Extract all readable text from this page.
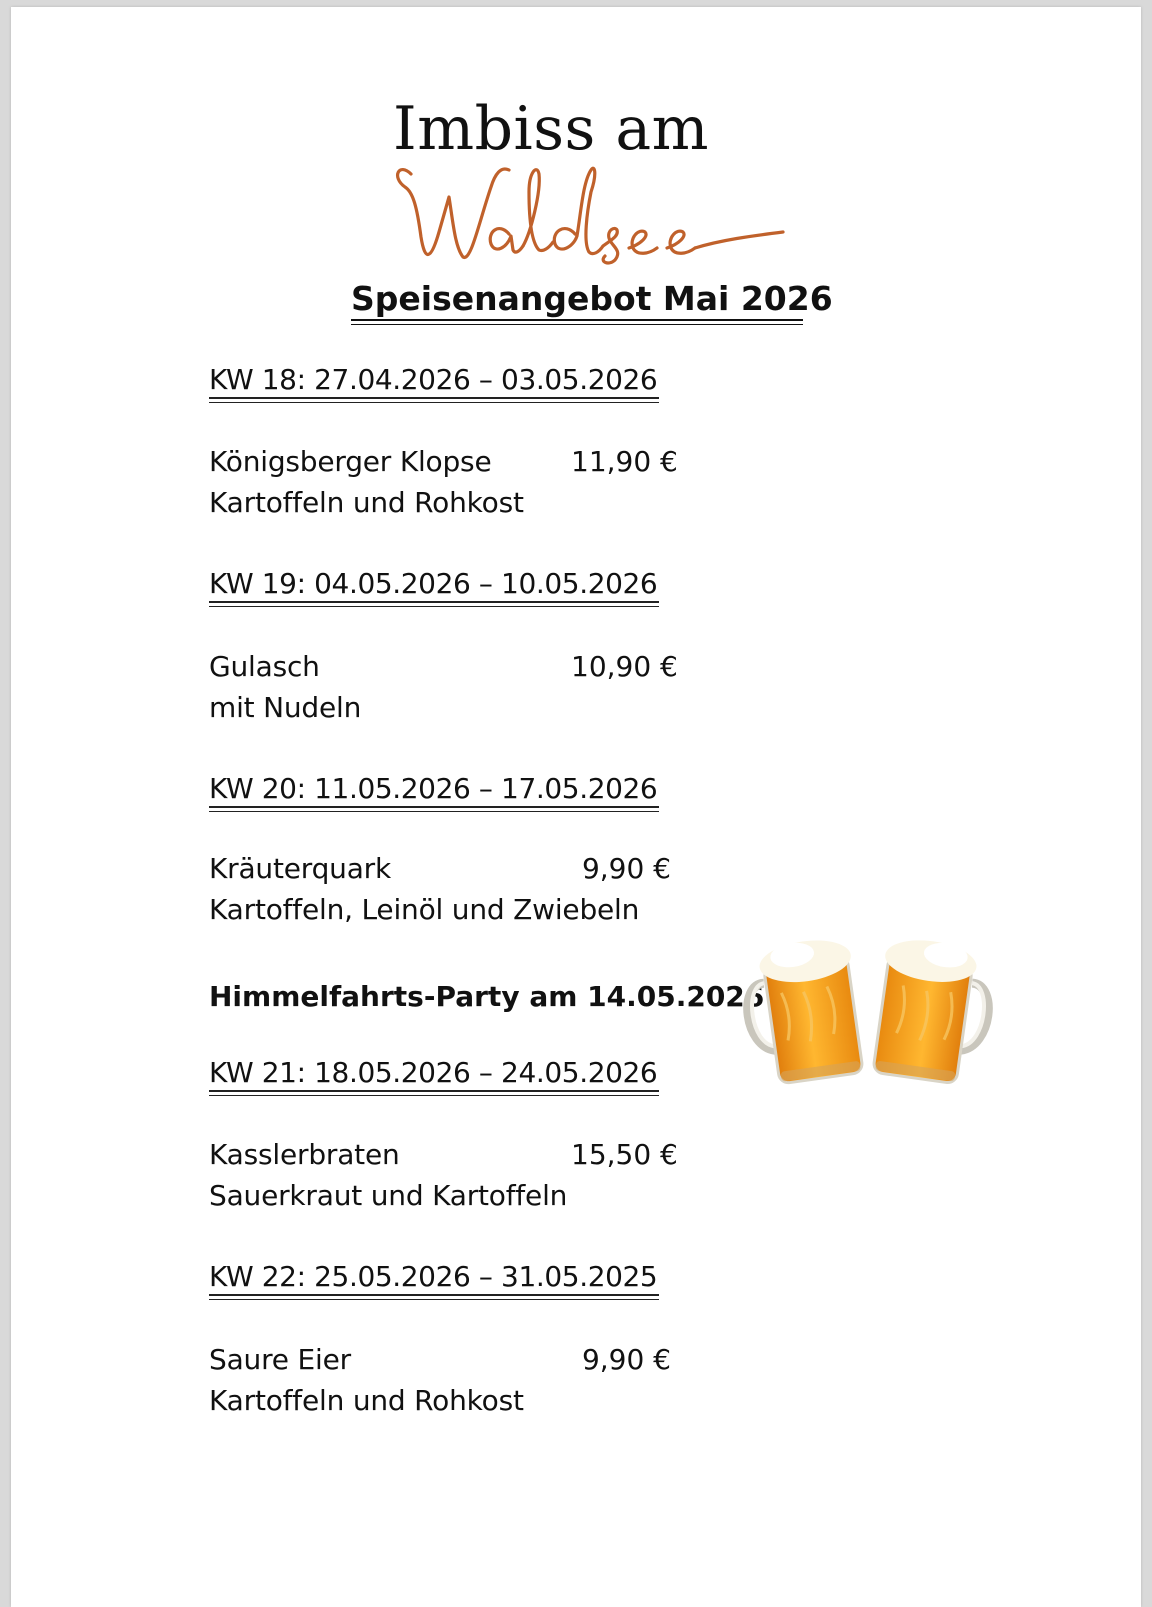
Imbiss am
Speisenangebot Mai 2026
KW 18: 27.04.2026 – 03.05.2026
Königsberger Klopse
Kartoffeln und Rohkost
11,90 €
KW 19: 04.05.2026 – 10.05.2026
Gulasch
mit Nudeln
10,90 €
KW 20: 11.05.2026 – 17.05.2026
Kräuterquark
Kartoffeln, Leinöl und Zwiebeln
9,90 €
Himmelfahrts-Party am 14.05.2026
KW 21: 18.05.2026 – 24.05.2026
Kasslerbraten
Sauerkraut und Kartoffeln
15,50 €
KW 22: 25.05.2026 – 31.05.2025
Saure Eier
Kartoffeln und Rohkost
9,90 €
